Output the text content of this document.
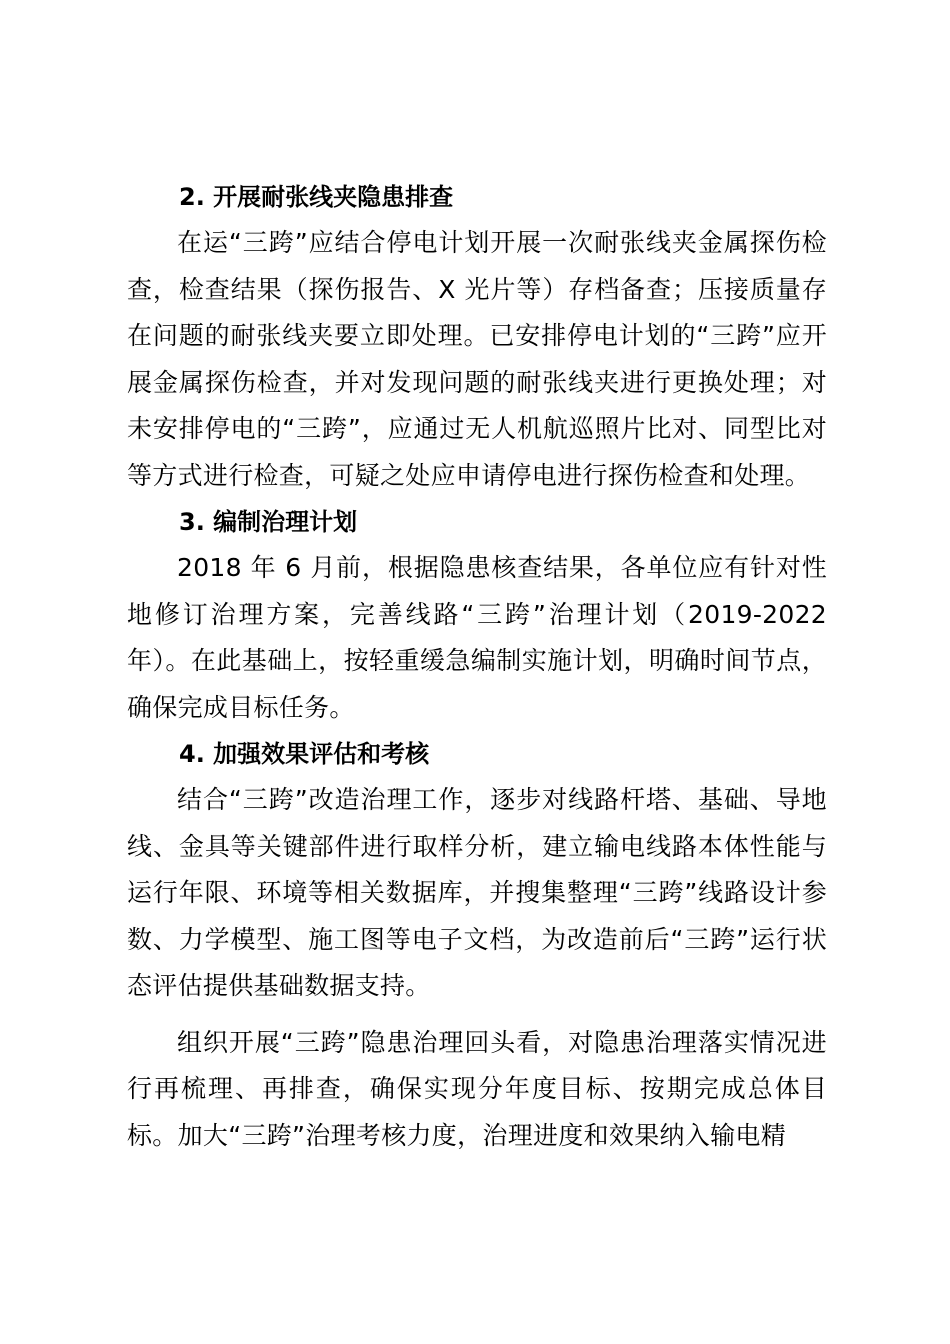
2. 开展耐张线夹隐患排查

在运“三跨”应结合停电计划开展一次耐张线夹金属探伤检查，检查结果（探伤报告、X 光片等）存档备查；压接质量存在问题的耐张线夹要立即处理。已安排停电计划的“三跨”应开展金属探伤检查，并对发现问题的耐张线夹进行更换处理；对未安排停电的“三跨”，应通过无人机航巡照片比对、同型比对等方式进行检查，可疑之处应申请停电进行探伤检查和处理。

3. 编制治理计划

2018 年 6 月前，根据隐患核查结果，各单位应有针对性地修订治理方案，完善线路“三跨”治理计划（2019-2022 年）。在此基础上，按轻重缓急编制实施计划，明确时间节点，确保完成目标任务。

4. 加强效果评估和考核

结合“三跨”改造治理工作，逐步对线路杆塔、基础、导地线、金具等关键部件进行取样分析，建立输电线路本体性能与运行年限、环境等相关数据库，并搜集整理“三跨”线路设计参数、力学模型、施工图等电子文档，为改造前后“三跨”运行状态评估提供基础数据支持。

组织开展“三跨”隐患治理回头看，对隐患治理落实情况进行再梳理、再排查，确保实现分年度目标、按期完成总体目标。加大“三跨”治理考核力度，治理进度和效果纳入输电精
